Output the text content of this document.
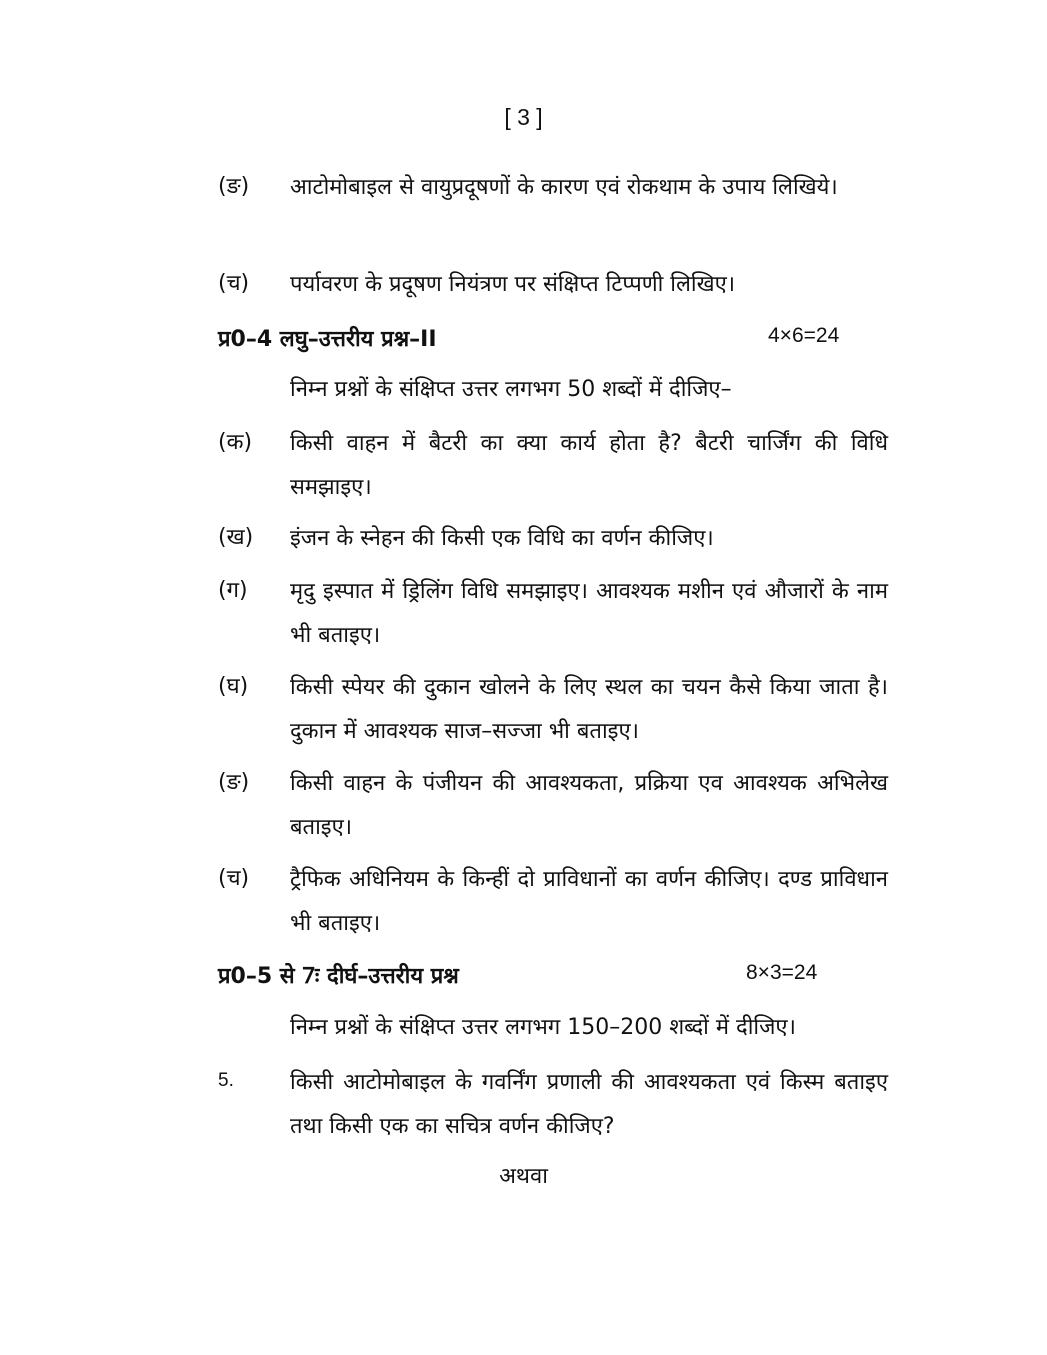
[ 3 ]
(ङ)	आटोमोबाइल से वायुप्रदूषणों के कारण एवं रोकथाम के उपाय लिखिये।
(च)	पर्यावरण के प्रदूषण नियंत्रण पर संक्षिप्त टिप्पणी लिखिए।
प्र0–4 लघु–उत्तरीय प्रश्न–II	4×6=24
निम्न प्रश्नों के संक्षिप्त उत्तर लगभग 50 शब्दों में दीजिए–
(क)	किसी वाहन में बैटरी का क्या कार्य होता है? बैटरी चार्जिंग की विधि समझाइए।
(ख)	इंजन के स्नेहन की किसी एक विधि का वर्णन कीजिए।
(ग)	मृदु इस्पात में ड्रिलिंग विधि समझाइए। आवश्यक मशीन एवं औजारों के नाम भी बताइए।
(घ)	किसी स्पेयर की दुकान खोलने के लिए स्थल का चयन कैसे किया जाता है। दुकान में आवश्यक साज–सज्जा भी बताइए।
(ङ)	किसी वाहन के पंजीयन की आवश्यकता, प्रक्रिया एव आवश्यक अभिलेख बताइए।
(च)	ट्रैफिक अधिनियम के किन्हीं दो प्राविधानों का वर्णन कीजिए। दण्ड प्राविधान भी बताइए।
प्र0–5 से 7ः दीर्घ–उत्तरीय प्रश्न	8×3=24
निम्न प्रश्नों के संक्षिप्त उत्तर लगभग 150–200 शब्दों में दीजिए।
5.	किसी आटोमोबाइल के गवर्निंग प्रणाली की आवश्यकता एवं किस्म बताइए तथा किसी एक का सचित्र वर्णन कीजिए?
अथवा
